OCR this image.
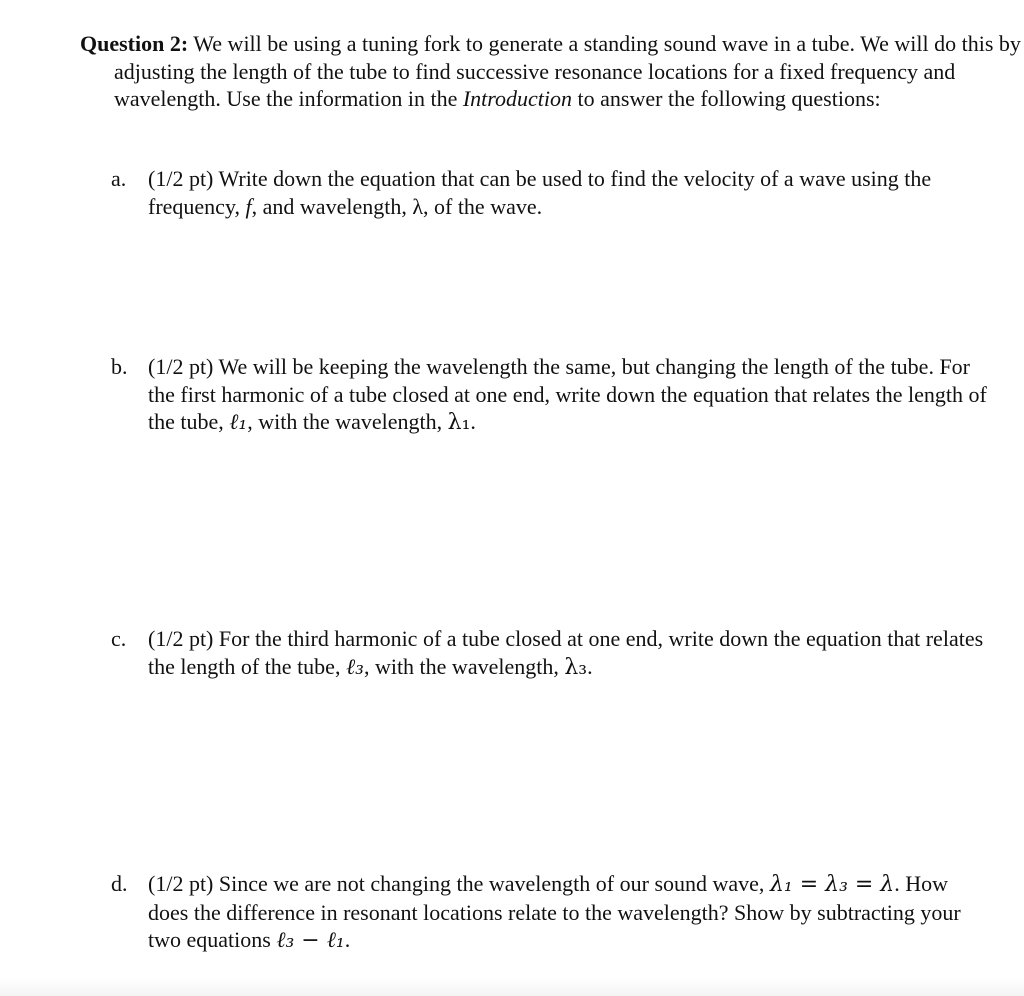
Question 2: We will be using a tuning fork to generate a standing sound wave in a tube. We will do this by adjusting the length of the tube to find successive resonance locations for a fixed frequency and wavelength. Use the information in the Introduction to answer the following questions:
a. (1/2 pt) Write down the equation that can be used to find the velocity of a wave using the frequency, f, and wavelength, λ, of the wave.
b. (1/2 pt) We will be keeping the wavelength the same, but changing the length of the tube. For the first harmonic of a tube closed at one end, write down the equation that relates the length of the tube, ℓ₁, with the wavelength, λ₁.
c. (1/2 pt) For the third harmonic of a tube closed at one end, write down the equation that relates the length of the tube, ℓ₃, with the wavelength, λ₃.
d. (1/2 pt) Since we are not changing the wavelength of our sound wave, λ₁ = λ₃ = λ. How does the difference in resonant locations relate to the wavelength? Show by subtracting your two equations ℓ₃ − ℓ₁.
